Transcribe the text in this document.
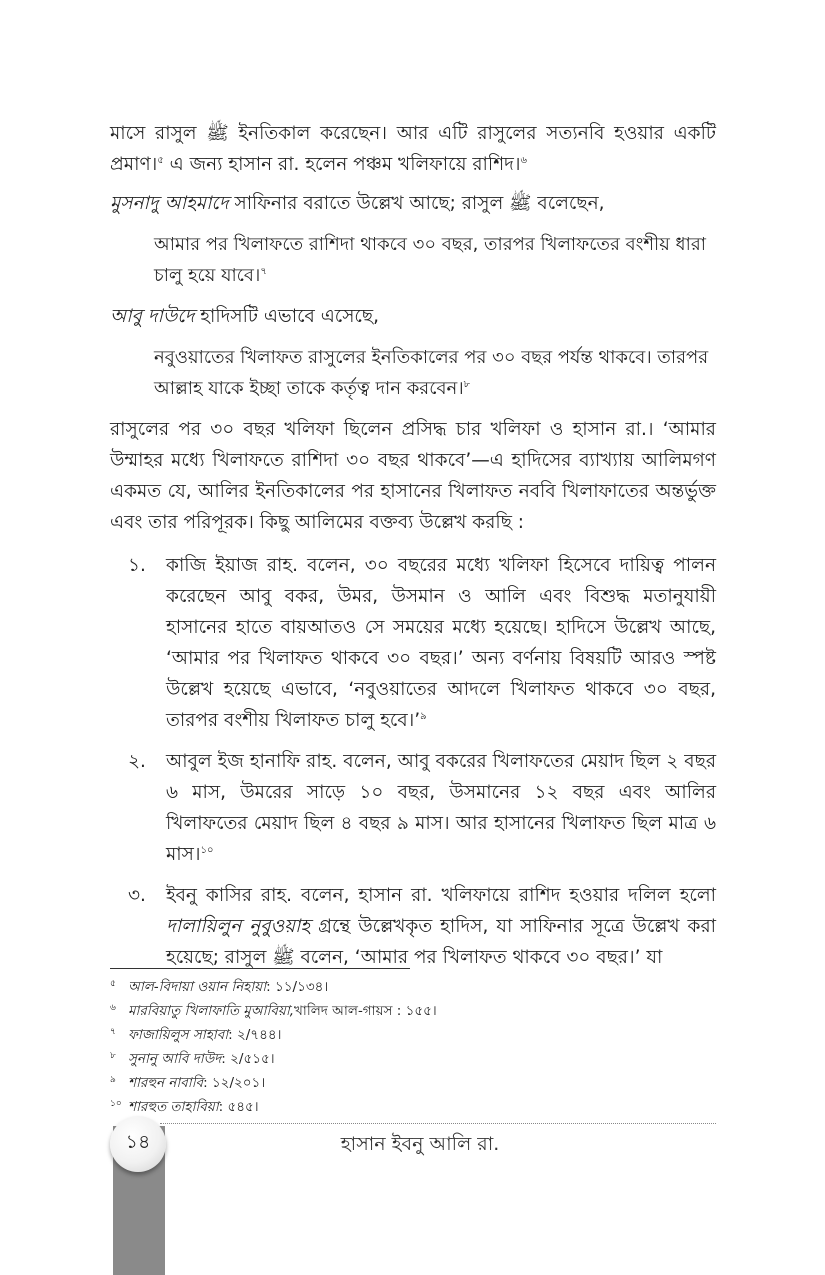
মাসে রাসুল ﷺ ইনতিকাল করেছেন। আর এটি রাসুলের সত্যনবি হওয়ার একটি প্রমাণ।$^৫$ এ জন্য হাসান রা. হলেন পঞ্চম খলিফায়ে রাশিদ।$^৬$

মুসনাদু আহমাদে সাফিনার বরাতে উল্লেখ আছে; রাসুল ﷺ বলেছেন,

আমার পর খিলাফতে রাশিদা থাকবে ৩০ বছর, তারপর খিলাফতের বংশীয় ধারা চালু হয়ে যাবে।$^৭$

আবু দাউদে হাদিসটি এভাবে এসেছে,

নবুওয়াতের খিলাফত রাসুলের ইনতিকালের পর ৩০ বছর পর্যন্ত থাকবে। তারপর আল্লাহ যাকে ইচ্ছা তাকে কর্তৃত্ব দান করবেন।$^৮$

রাসুলের পর ৩০ বছর খলিফা ছিলেন প্রসিদ্ধ চার খলিফা ও হাসান রা.। ‘আমার উম্মাহর মধ্যে খিলাফতে রাশিদা ৩০ বছর থাকবে’—এ হাদিসের ব্যাখ্যায় আলিমগণ একমত যে, আলির ইনতিকালের পর হাসানের খিলাফত নববি খিলাফাতের অন্তর্ভুক্ত এবং তার পরিপূরক। কিছু আলিমের বক্তব্য উল্লেখ করছি :

১.	কাজি ইয়াজ রাহ. বলেন, ৩০ বছরের মধ্যে খলিফা হিসেবে দায়িত্ব পালন করেছেন আবু বকর, উমর, উসমান ও আলি এবং বিশুদ্ধ মতানুযায়ী হাসানের হাতে বায়আতও সে সময়ের মধ্যে হয়েছে। হাদিসে উল্লেখ আছে, ‘আমার পর খিলাফত থাকবে ৩০ বছর।’ অন্য বর্ণনায় বিষয়টি আরও স্পষ্ট উল্লেখ হয়েছে এভাবে, ‘নবুওয়াতের আদলে খিলাফত থাকবে ৩০ বছর, তারপর বংশীয় খিলাফত চালু হবে।’$^৯$
২.	আবুল ইজ হানাফি রাহ. বলেন, আবু বকরের খিলাফতের মেয়াদ ছিল ২ বছর ৬ মাস, উমরের সাড়ে ১০ বছর, উসমানের ১২ বছর এবং আলির খিলাফতের মেয়াদ ছিল ৪ বছর ৯ মাস। আর হাসানের খিলাফত ছিল মাত্র ৬ মাস।$^{১০}$
৩.	ইবনু কাসির রাহ. বলেন, হাসান রা. খলিফায়ে রাশিদ হওয়ার দলিল হলো দালায়িলুন নুবুওয়াহ গ্রন্থে উল্লেখকৃত হাদিস, যা সাফিনার সূত্রে উল্লেখ করা হয়েছে; রাসুল ﷺ বলেন, ‘আমার পর খিলাফত থাকবে ৩০ বছর।’ যা
৫ আল-বিদায়া ওয়ান নিহায়া : ১১/১৩৪।
৬ মারবিয়াতু খিলাফাতি মুআবিয়া, খালিদ আল-গায়স : ১৫৫।
৭ ফাজায়িলুস সাহাবা : ২/৭৪৪।
৮ সুনানু আবি দাউদ : ২/৫১৫।
৯ শারহুন নাবাবি : ১২/২০১।
১০ শারহুত তাহাবিয়া : ৫৪৫।
১৪	হাসান ইবনু আলি রা.
